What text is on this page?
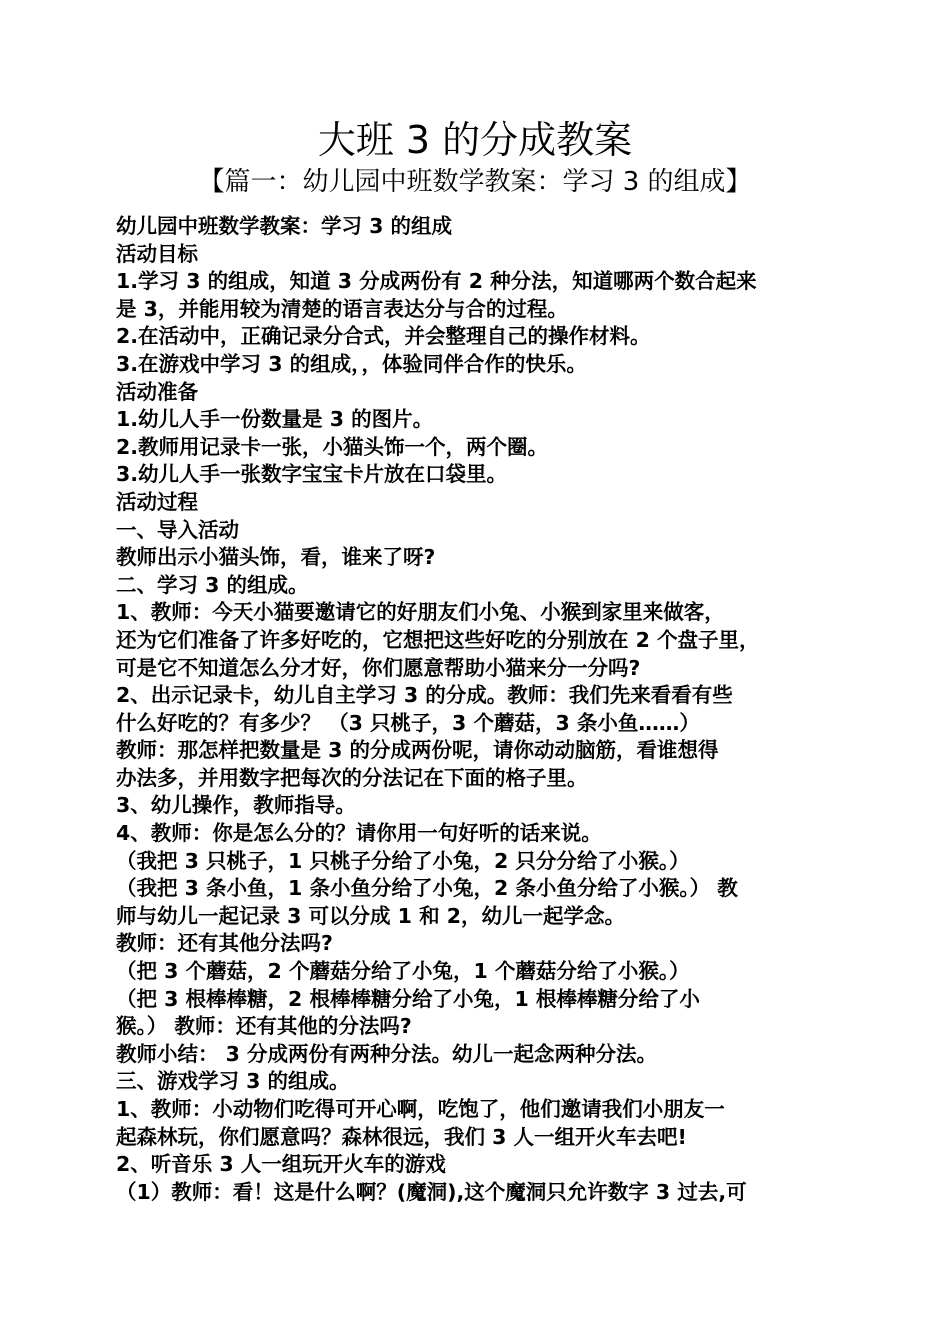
大班 3 的分成教案
【篇一：幼儿园中班数学教案：学习 3 的组成】
幼儿园中班数学教案：学习 3 的组成
活动目标
1.学习 3 的组成，知道 3 分成两份有 2 种分法，知道哪两个数合起来
是 3，并能用较为清楚的语言表达分与合的过程。
2.在活动中，正确记录分合式，并会整理自己的操作材料。
3.在游戏中学习 3 的组成，，体验同伴合作的快乐。
活动准备
1.幼儿人手一份数量是 3 的图片。
2.教师用记录卡一张，小猫头饰一个，两个圈。
3.幼儿人手一张数字宝宝卡片放在口袋里。
活动过程
一、导入活动
教师出示小猫头饰，看，谁来了呀?
二、学习 3 的组成。
1、教师：今天小猫要邀请它的好朋友们小兔、小猴到家里来做客，
还为它们准备了许多好吃的，它想把这些好吃的分别放在 2 个盘子里，
可是它不知道怎么分才好，你们愿意帮助小猫来分一分吗?
2、出示记录卡，幼儿自主学习 3 的分成。教师：我们先来看看有些
什么好吃的？有多少？ （3 只桃子，3 个蘑菇，3 条小鱼……）
教师：那怎样把数量是 3 的分成两份呢，请你动动脑筋，看谁想得
办法多，并用数字把每次的分法记在下面的格子里。
3、幼儿操作，教师指导。
4、教师：你是怎么分的？请你用一句好听的话来说。
（我把 3 只桃子，1 只桃子分给了小兔，2 只分分给了小猴。）
（我把 3 条小鱼，1 条小鱼分给了小兔，2 条小鱼分给了小猴。） 教
师与幼儿一起记录 3 可以分成 1 和 2，幼儿一起学念。
教师：还有其他分法吗?
（把 3 个蘑菇，2 个蘑菇分给了小兔，1 个蘑菇分给了小猴。）
（把 3 根棒棒糖，2 根棒棒糖分给了小兔，1 根棒棒糖分给了小
猴。） 教师：还有其他的分法吗?
教师小结： 3 分成两份有两种分法。幼儿一起念两种分法。
三、游戏学习 3 的组成。
1、教师：小动物们吃得可开心啊，吃饱了，他们邀请我们小朋友一
起森林玩，你们愿意吗？森林很远，我们 3 人一组开火车去吧!
2、听音乐 3 人一组玩开火车的游戏
（1）教师：看！这是什么啊？(魔洞),这个魔洞只允许数字 3 过去,可
